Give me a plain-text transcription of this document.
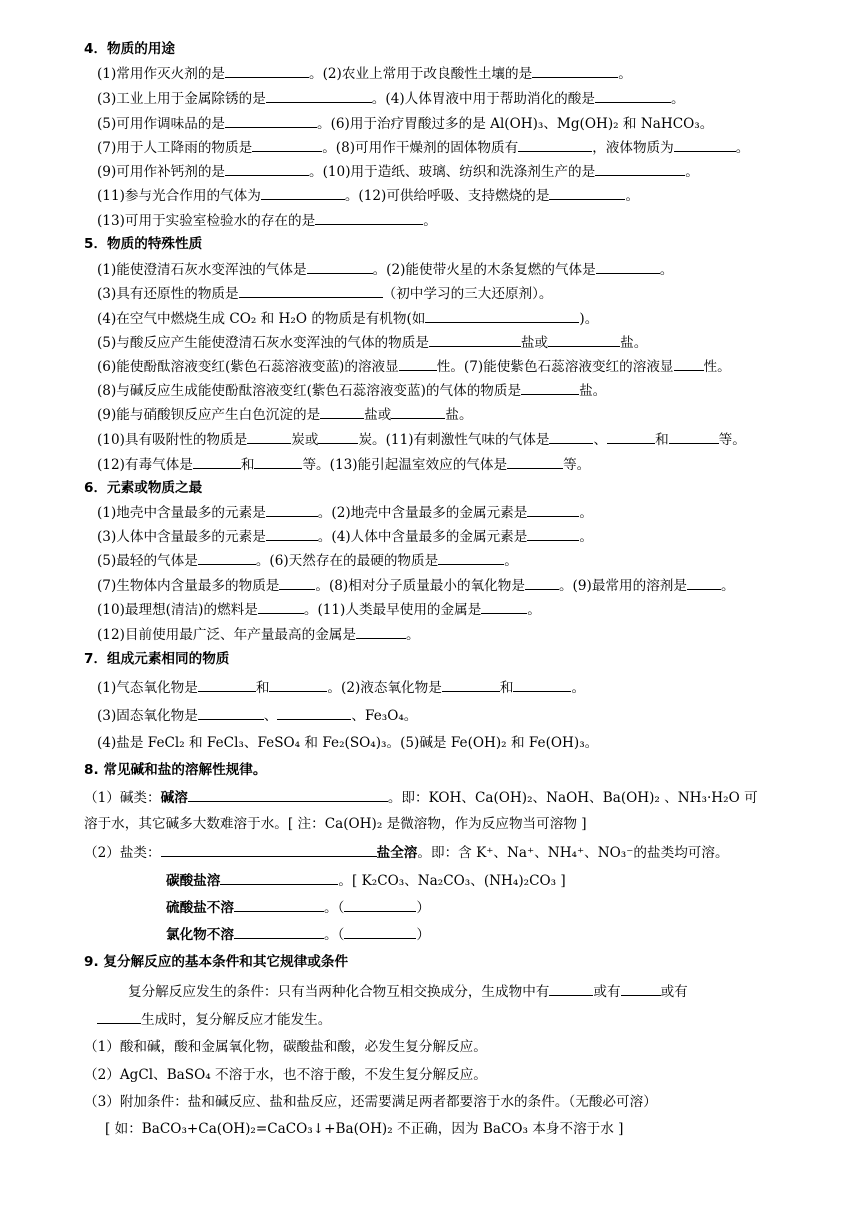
4．物质的用途
(1)常用作灭火剂的是	。(2)农业上常用于改良酸性土壤的是	。
(3)工业上用于金属除锈的是	。(4)人体胃液中用于帮助消化的酸是	。
(5)可用作调味品的是	。(6)用于治疗胃酸过多的是 Al(OH)₃、Mg(OH)₂ 和 NaHCO₃。
(7)用于人工降雨的物质是	。(8)可用作干燥剂的固体物质有	，液体物质为	。
(9)可用作补钙剂的是	。(10)用于造纸、玻璃、纺织和洗涤剂生产的是	。
(11)参与光合作用的气体为	。(12)可供给呼吸、支持燃烧的是	。
(13)可用于实验室检验水的存在的是	。
5．物质的特殊性质
(1)能使澄清石灰水变浑浊的气体是	。(2)能使带火星的木条复燃的气体是	。
(3)具有还原性的物质是	（初中学习的三大还原剂）。
(4)在空气中燃烧生成 CO₂ 和 H₂O 的物质是有机物(如	)。
(5)与酸反应产生能使澄清石灰水变浑浊的气体的物质是	盐或	盐。
(6)能使酚酞溶液变红(紫色石蕊溶液变蓝)的溶液显	性。(7)能使紫色石蕊溶液变红的溶液显 性。
(8)与碱反应生成能使酚酞溶液变红(紫色石蕊溶液变蓝)的气体的物质是	盐。
(9)能与硝酸钡反应产生白色沉淀的是	盐或	盐。
(10)具有吸附性的物质是	炭或	炭。(11)有刺激性气味的气体是	、	和	等。
(12)有毒气体是	和	等。(13)能引起温室效应的气体是	等。
6．元素或物质之最
(1)地壳中含量最多的元素是	。(2)地壳中含量最多的金属元素是	。
(3)人体中含量最多的元素是	。(4)人体中含量最多的金属元素是	。
(5)最轻的气体是	。(6)天然存在的最硬的物质是	。
(7)生物体内含量最多的物质是	。(8)相对分子质量最小的氧化物是	。(9)最常用的溶剂是	。
(10)最理想(清洁)的燃料是	。(11)人类最早使用的金属是	。
(12)目前使用最广泛、年产量最高的金属是	。
7．组成元素相同的物质
(1)气态氧化物是	和	。(2)液态氧化物是	和	。
(3)固态氧化物是	、	、Fe₃O₄。
(4)盐是 FeCl₂ 和 FeCl₃、FeSO₄ 和 Fe₂(SO₄)₃。(5)碱是 Fe(OH)₂ 和 Fe(OH)₃。
8. 常见碱和盐的溶解性规律。
（1）碱类：碱溶	。即：KOH、Ca(OH)₂、NaOH、Ba(OH)₂ 、NH₃·H₂O 可
溶于水，其它碱多大数难溶于水。[ 注：Ca(OH)₂ 是微溶物，作为反应物当可溶物 ]
（2）盐类：	盐全溶。即：含 K⁺、Na⁺、NH₄⁺、NO₃⁻的盐类均可溶。
碳酸盐溶	。[ K₂CO₃、Na₂CO₃、(NH₄)₂CO₃ ]
硫酸盐不溶	。（	）
氯化物不溶	。（	）
9. 复分解反应的基本条件和其它规律或条件
复分解反应发生的条件：只有当两种化合物互相交换成分，生成物中有	或有	或有
生成时，复分解反应才能发生。
（1）酸和碱，酸和金属氧化物，碳酸盐和酸，必发生复分解反应。
（2）AgCl、BaSO₄ 不溶于水，也不溶于酸，不发生复分解反应。
（3）附加条件：盐和碱反应、盐和盐反应，还需要满足两者都要溶于水的条件。（无酸必可溶）
[ 如：BaCO₃+Ca(OH)₂=CaCO₃↓+Ba(OH)₂ 不正确，因为 BaCO₃ 本身不溶于水 ]
